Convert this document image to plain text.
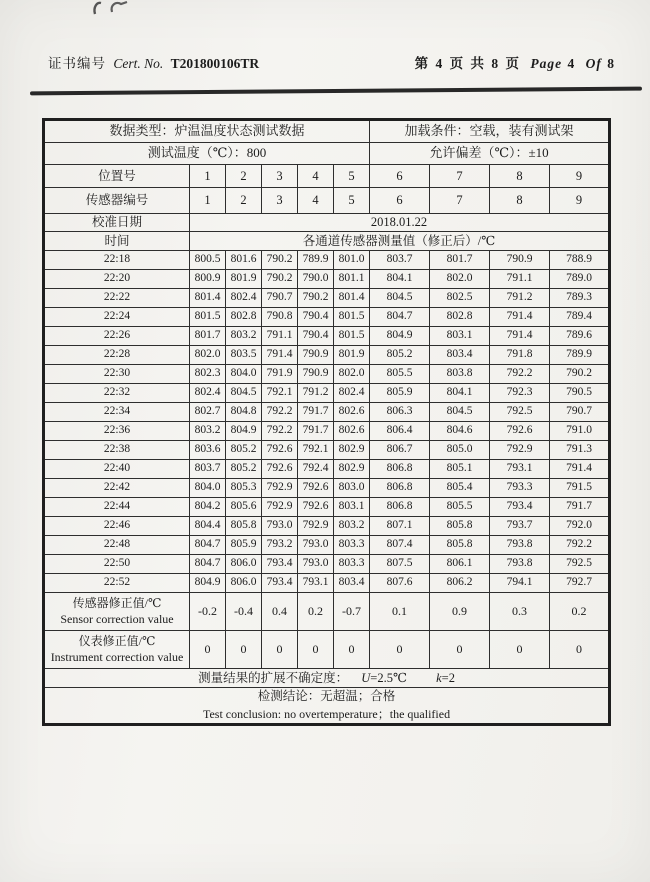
证书编号 Cert. No. T201800106TR	第 4 页 共 8 页 Page 4 Of 8
数据类型：炉温温度状态测试数据						加载条件：空载，装有测试架			
测试温度（℃）：800						允许偏差（℃）：±10			
位置号	1	2	3	4	5	6	7	8	9
传感器编号	1	2	3	4	5	6	7	8	9
校准日期	2018.01.22								
时间	各通道传感器测量值（修正后）/℃								
22:18	800.5	801.6	790.2	789.9	801.0	803.7	801.7	790.9	788.9
22:20	800.9	801.9	790.2	790.0	801.1	804.1	802.0	791.1	789.0
22:22	801.4	802.4	790.7	790.2	801.4	804.5	802.5	791.2	789.3
22:24	801.5	802.8	790.8	790.4	801.5	804.7	802.8	791.4	789.4
22:26	801.7	803.2	791.1	790.4	801.5	804.9	803.1	791.4	789.6
22:28	802.0	803.5	791.4	790.9	801.9	805.2	803.4	791.8	789.9
22:30	802.3	804.0	791.9	790.9	802.0	805.5	803.8	792.2	790.2
22:32	802.4	804.5	792.1	791.2	802.4	805.9	804.1	792.3	790.5
22:34	802.7	804.8	792.2	791.7	802.6	806.3	804.5	792.5	790.7
22:36	803.2	804.9	792.2	791.7	802.6	806.4	804.6	792.6	791.0
22:38	803.6	805.2	792.6	792.1	802.9	806.7	805.0	792.9	791.3
22:40	803.7	805.2	792.6	792.4	802.9	806.8	805.1	793.1	791.4
22:42	804.0	805.3	792.9	792.6	803.0	806.8	805.4	793.3	791.5
22:44	804.2	805.6	792.9	792.6	803.1	806.8	805.5	793.4	791.7
22:46	804.4	805.8	793.0	792.9	803.2	807.1	805.8	793.7	792.0
22:48	804.7	805.9	793.2	793.0	803.3	807.4	805.8	793.8	792.2
22:50	804.7	806.0	793.4	793.0	803.3	807.5	806.1	793.8	792.5
22:52	804.9	806.0	793.4	793.1	803.4	807.6	806.2	794.1	792.7

传感器修正值/℃
Sensor correction value	-0.2	-0.4	0.4	0.2	-0.7	0.1	0.9	0.3	0.2

仪表修正值/℃
Instrument correction value	0	0	0	0	0	0	0	0	0
测量结果的扩展不确定度： U=2.5℃ k=2									

检测结论：无超温；合格
Test conclusion: no overtemperature；the qualified									
